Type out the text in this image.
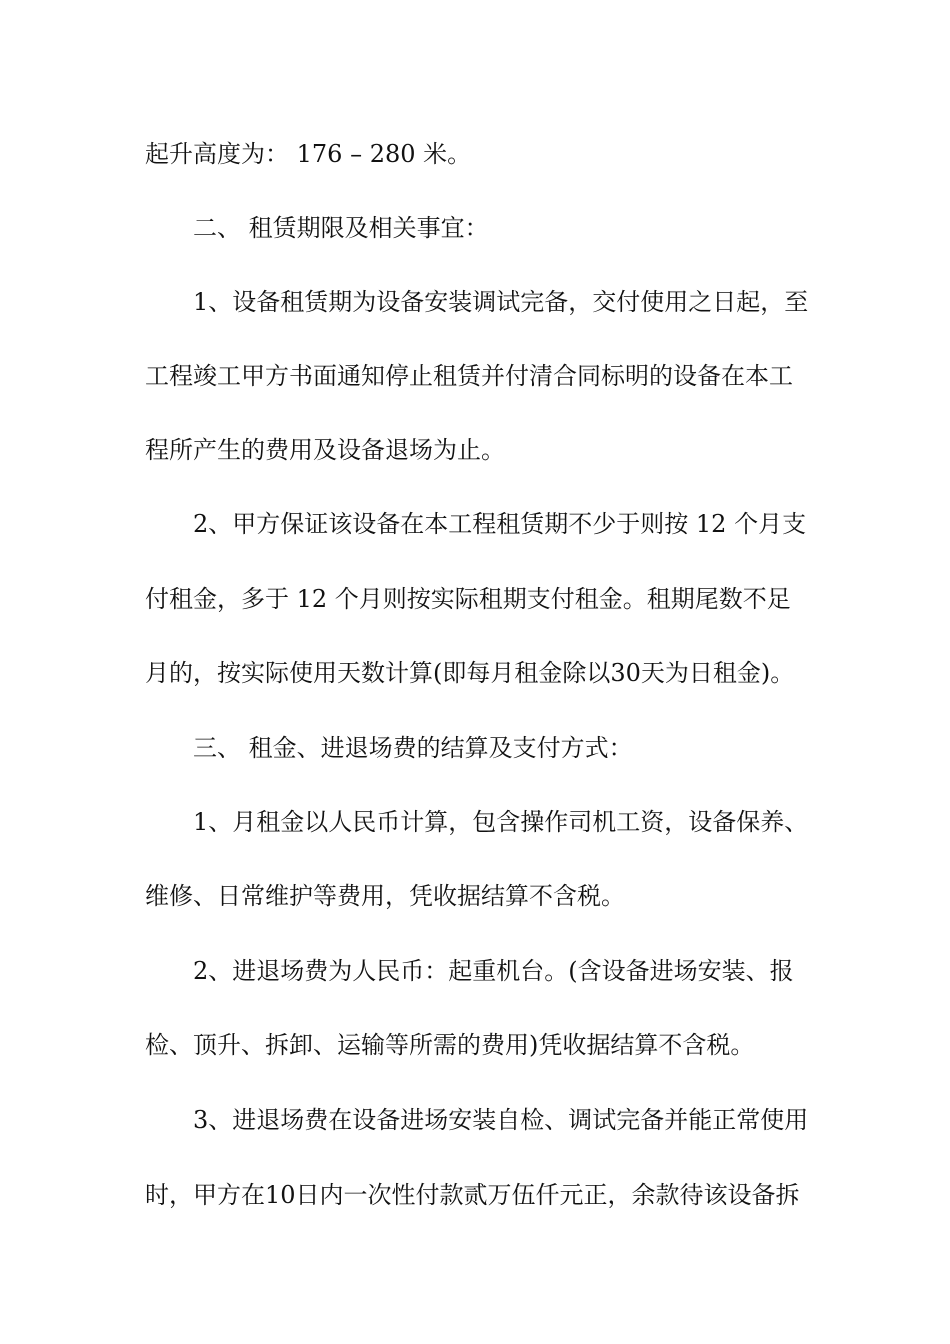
起升高度为： 176 – 280 米。
二、 租赁期限及相关事宜：
1、设备租赁期为设备安装调试完备，交付使用之日起，至
工程竣工甲方书面通知停止租赁并付清合同标明的设备在本工
程所产生的费用及设备退场为止。
2、甲方保证该设备在本工程租赁期不少于则按 12 个月支
付租金，多于 12 个月则按实际租期支付租金。租期尾数不足
月的，按实际使用天数计算(即每月租金除以30天为日租金)。
三、 租金、进退场费的结算及支付方式：
1、月租金以人民币计算，包含操作司机工资，设备保养、
维修、日常维护等费用，凭收据结算不含税。
2、进退场费为人民币：起重机台。(含设备进场安装、报
检、顶升、拆卸、运输等所需的费用)凭收据结算不含税。
3、进退场费在设备进场安装自检、调试完备并能正常使用
时，甲方在10日内一次性付款贰万伍仟元正，余款待该设备拆
